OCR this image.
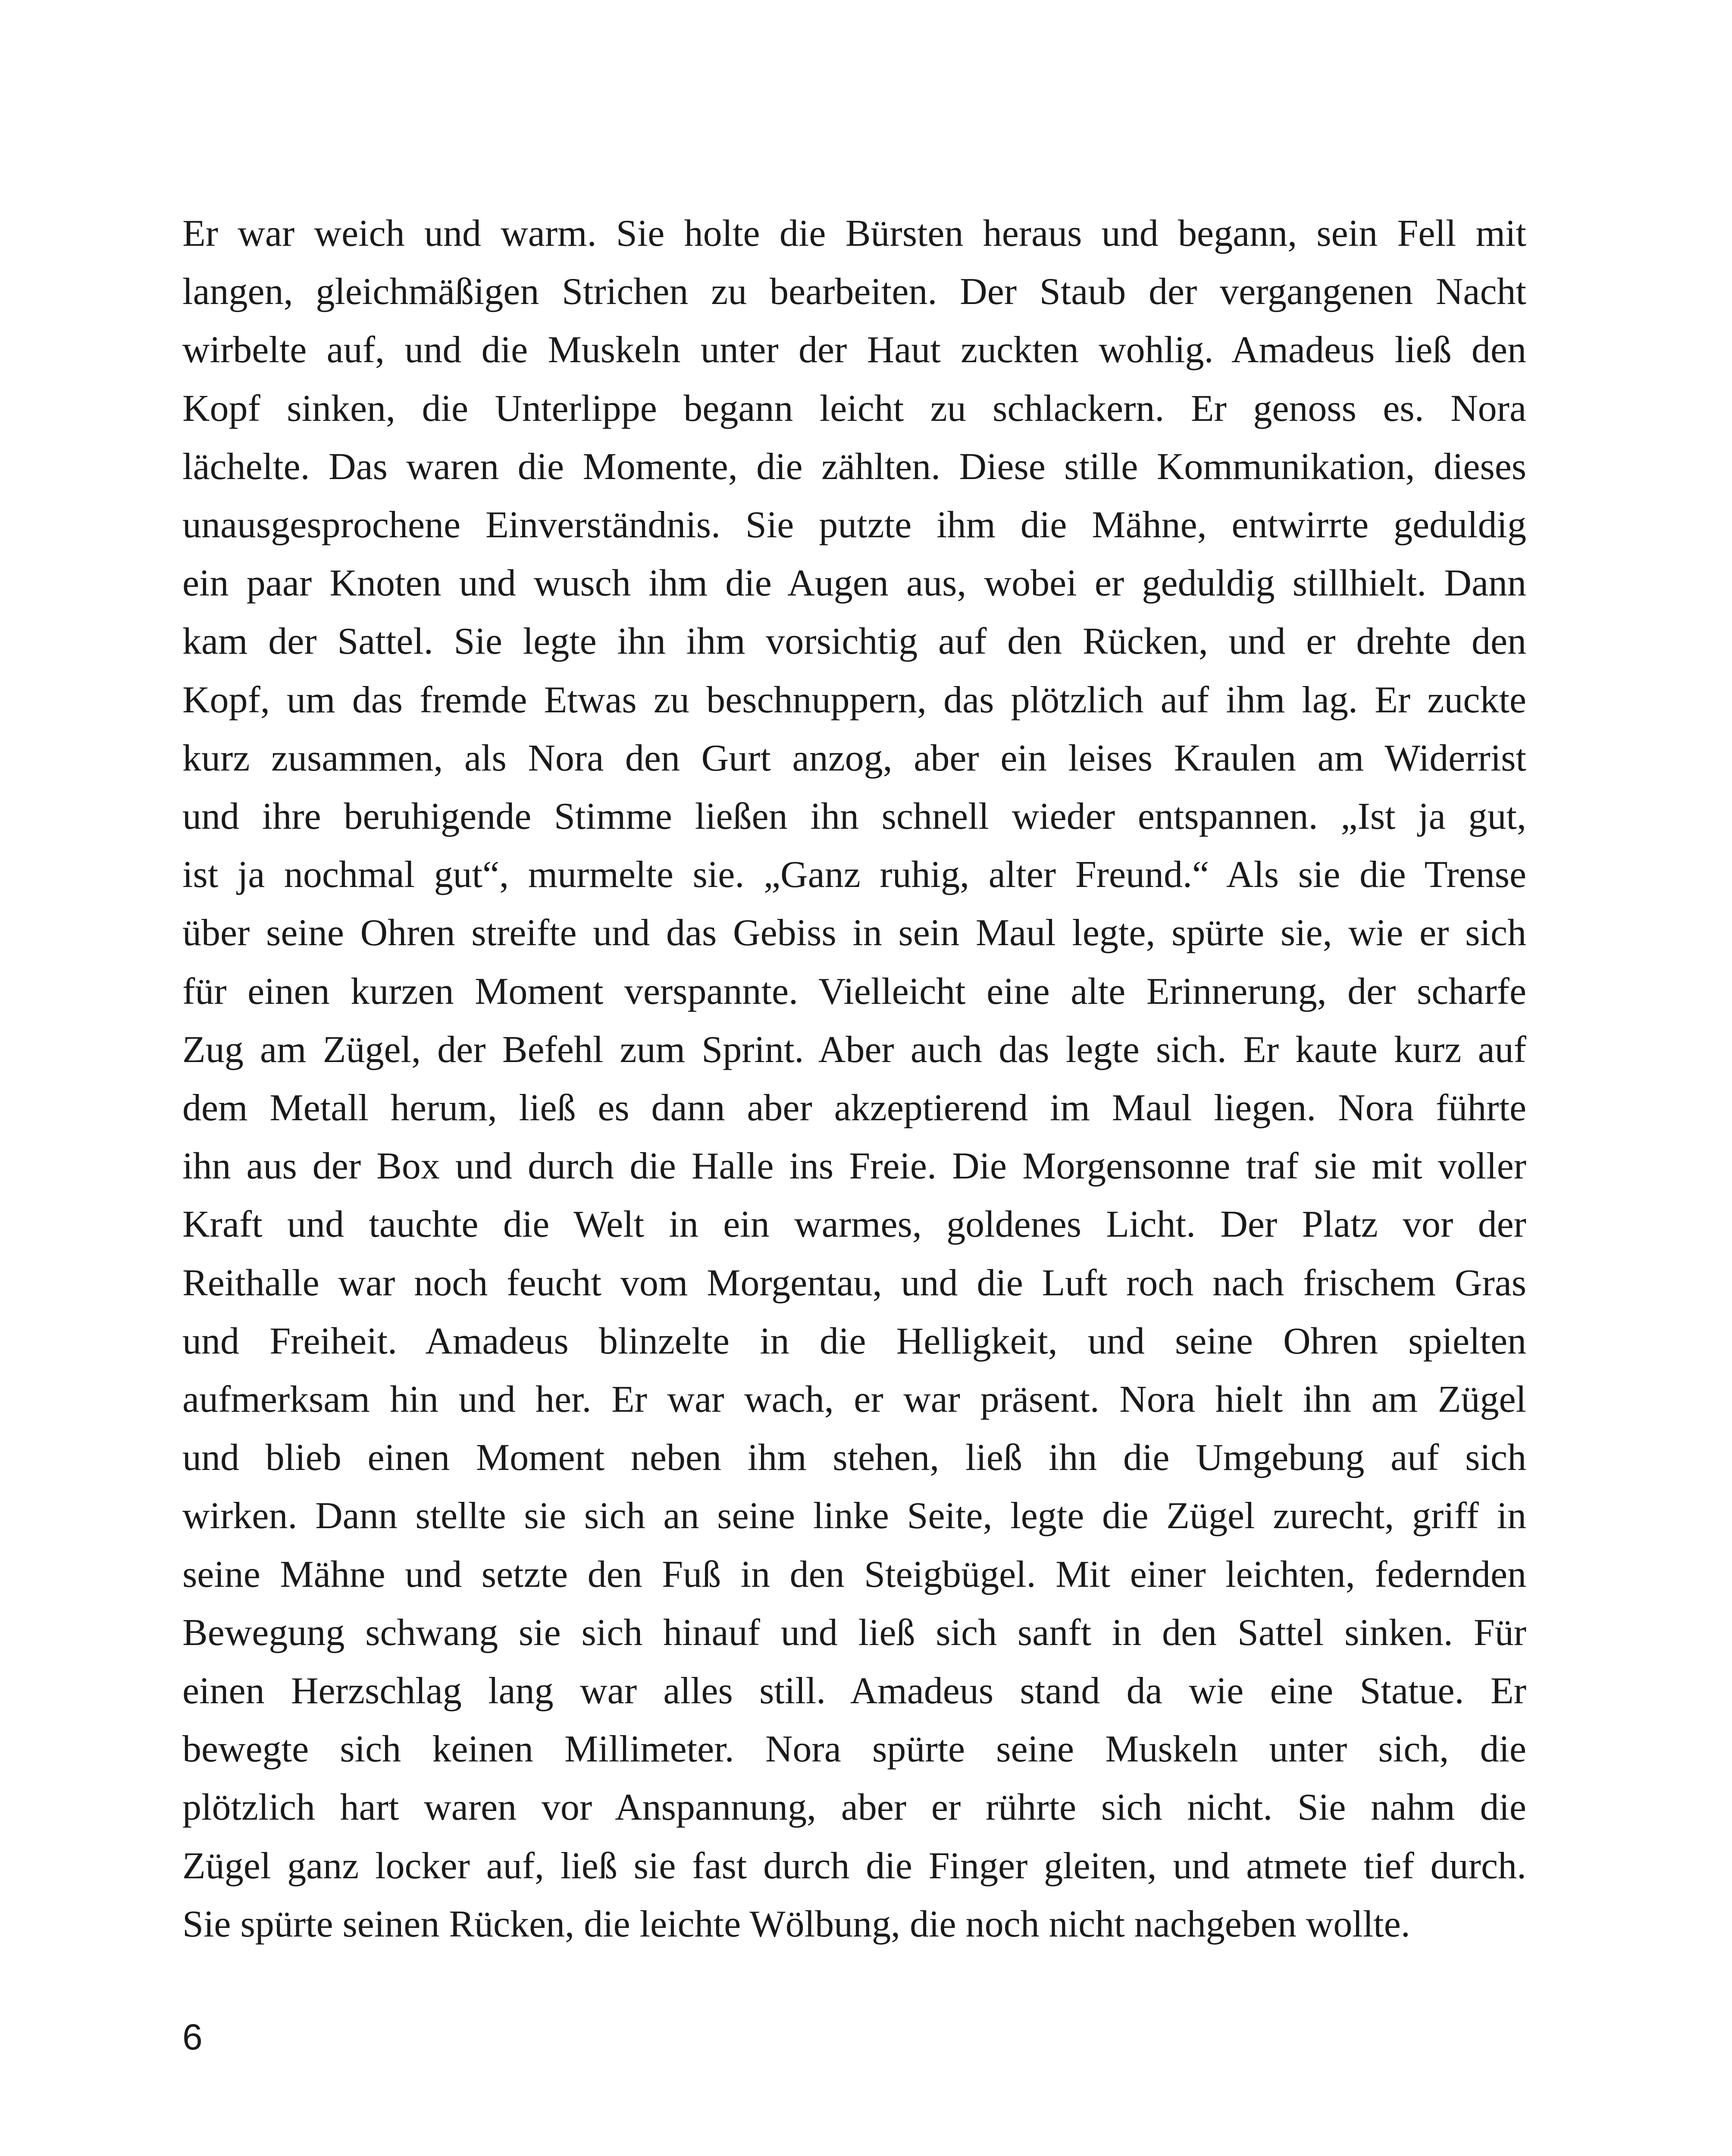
Er war weich und warm. Sie holte die Bürsten heraus und begann, sein Fell mit
langen, gleichmäßigen Strichen zu bearbeiten. Der Staub der vergangenen Nacht
wirbelte auf, und die Muskeln unter der Haut zuckten wohlig. Amadeus ließ den
Kopf sinken, die Unterlippe begann leicht zu schlackern. Er genoss es. Nora
lächelte. Das waren die Momente, die zählten. Diese stille Kommunikation, dieses
unausgesprochene Einverständnis. Sie putzte ihm die Mähne, entwirrte geduldig
ein paar Knoten und wusch ihm die Augen aus, wobei er geduldig stillhielt. Dann
kam der Sattel. Sie legte ihn ihm vorsichtig auf den Rücken, und er drehte den
Kopf, um das fremde Etwas zu beschnuppern, das plötzlich auf ihm lag. Er zuckte
kurz zusammen, als Nora den Gurt anzog, aber ein leises Kraulen am Widerrist
und ihre beruhigende Stimme ließen ihn schnell wieder entspannen. „Ist ja gut,
ist ja nochmal gut“, murmelte sie. „Ganz ruhig, alter Freund.“ Als sie die Trense
über seine Ohren streifte und das Gebiss in sein Maul legte, spürte sie, wie er sich
für einen kurzen Moment verspannte. Vielleicht eine alte Erinnerung, der scharfe
Zug am Zügel, der Befehl zum Sprint. Aber auch das legte sich. Er kaute kurz auf
dem Metall herum, ließ es dann aber akzeptierend im Maul liegen. Nora führte
ihn aus der Box und durch die Halle ins Freie. Die Morgensonne traf sie mit voller
Kraft und tauchte die Welt in ein warmes, goldenes Licht. Der Platz vor der
Reithalle war noch feucht vom Morgentau, und die Luft roch nach frischem Gras
und Freiheit. Amadeus blinzelte in die Helligkeit, und seine Ohren spielten
aufmerksam hin und her. Er war wach, er war präsent. Nora hielt ihn am Zügel
und blieb einen Moment neben ihm stehen, ließ ihn die Umgebung auf sich
wirken. Dann stellte sie sich an seine linke Seite, legte die Zügel zurecht, griff in
seine Mähne und setzte den Fuß in den Steigbügel. Mit einer leichten, federnden
Bewegung schwang sie sich hinauf und ließ sich sanft in den Sattel sinken. Für
einen Herzschlag lang war alles still. Amadeus stand da wie eine Statue. Er
bewegte sich keinen Millimeter. Nora spürte seine Muskeln unter sich, die
plötzlich hart waren vor Anspannung, aber er rührte sich nicht. Sie nahm die
Zügel ganz locker auf, ließ sie fast durch die Finger gleiten, und atmete tief durch.
Sie spürte seinen Rücken, die leichte Wölbung, die noch nicht nachgeben wollte.

6
